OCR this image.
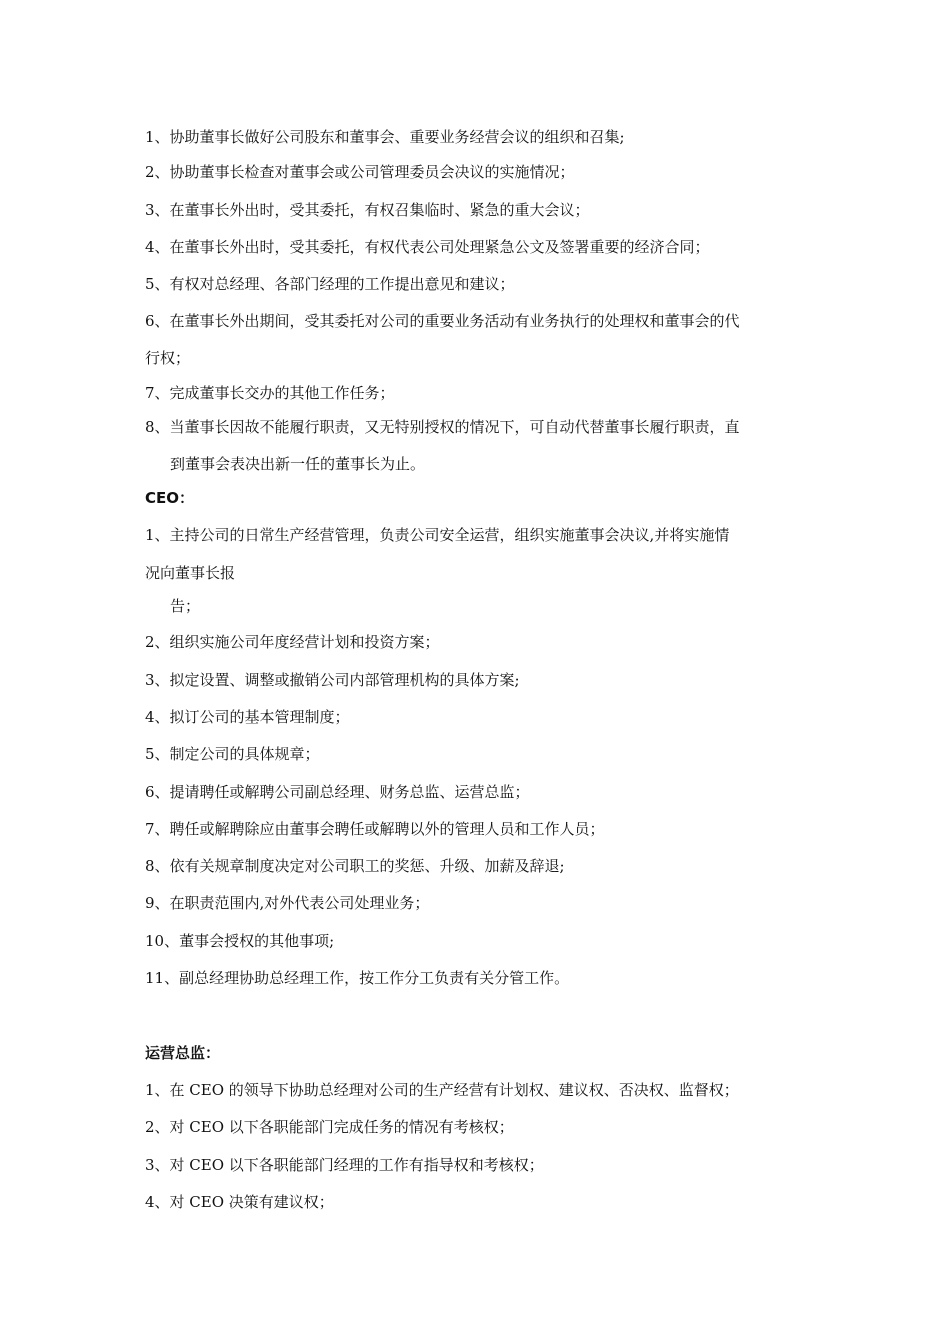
1、协助董事长做好公司股东和董事会、重要业务经营会议的组织和召集;
2、协助董事长检查对董事会或公司管理委员会决议的实施情况；
3、在董事长外出时，受其委托，有权召集临时、紧急的重大会议；
4、在董事长外出时，受其委托，有权代表公司处理紧急公文及签署重要的经济合同；
5、有权对总经理、各部门经理的工作提出意见和建议；
6、在董事长外出期间，受其委托对公司的重要业务活动有业务执行的处理权和董事会的代
行权；
7、完成董事长交办的其他工作任务；
8、当董事长因故不能履行职责，又无特别授权的情况下，可自动代替董事长履行职责，直
到董事会表决出新一任的董事长为止。
CEO：
1、主持公司的日常生产经营管理，负责公司安全运营，组织实施董事会决议,并将实施情
况向董事长报
告；
2、组织实施公司年度经营计划和投资方案；
3、拟定设置、调整或撤销公司内部管理机构的具体方案;
4、拟订公司的基本管理制度；
5、制定公司的具体规章；
6、提请聘任或解聘公司副总经理、财务总监、运营总监；
7、聘任或解聘除应由董事会聘任或解聘以外的管理人员和工作人员；
8、依有关规章制度决定对公司职工的奖惩、升级、加薪及辞退;
9、在职责范围内,对外代表公司处理业务；
10、董事会授权的其他事项;
11、副总经理协助总经理工作，按工作分工负责有关分管工作。
运营总监：
1、在 CEO 的领导下协助总经理对公司的生产经营有计划权、建议权、否决权、监督权；
2、对 CEO 以下各职能部门完成任务的情况有考核权；
3、对 CEO 以下各职能部门经理的工作有指导权和考核权；
4、对 CEO 决策有建议权；
